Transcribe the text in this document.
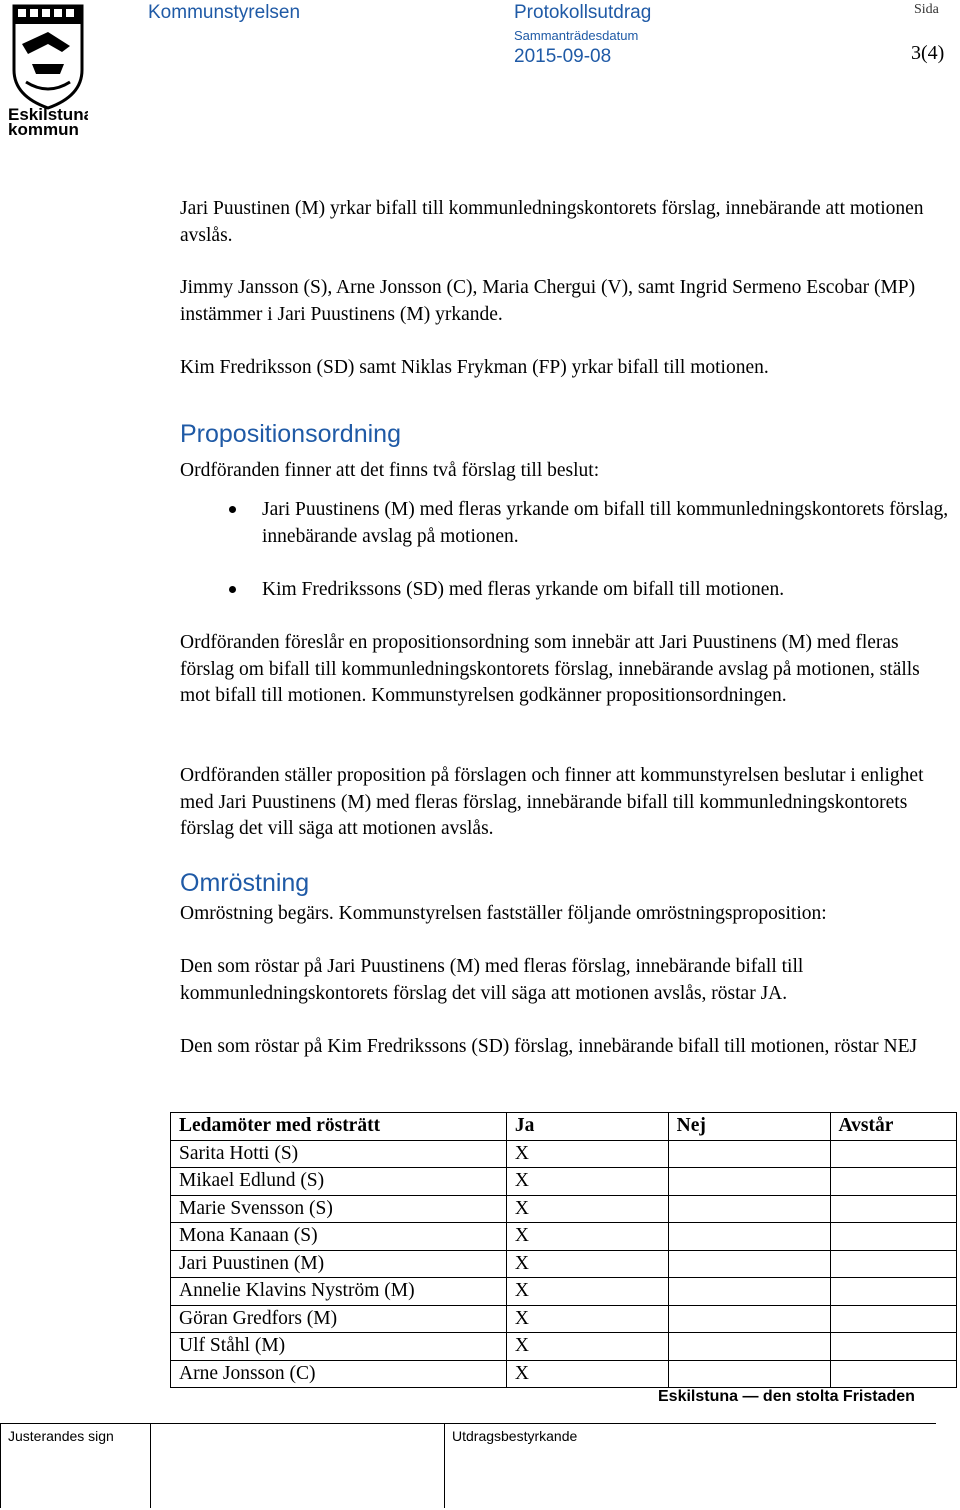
Eskilstuna
kommun
Kommunstyrelsen	Protokollsutdrag
Sammanträdesdatum
2015-09-08
Sida
3(4)
Jari Puustinen (M) yrkar bifall till kommunledningskontorets förslag, innebärande att motionen avslås.
Jimmy Jansson (S), Arne Jonsson (C), Maria Chergui (V), samt Ingrid Sermeno Escobar (MP) instämmer i Jari Puustinens (M) yrkande.
Kim Fredriksson (SD) samt Niklas Frykman (FP) yrkar bifall till motionen.
Propositionsordning
Ordföranden finner att det finns två förslag till beslut:
Jari Puustinens (M) med fleras yrkande om bifall till kommunledningskontorets förslag, innebärande avslag på motionen.
Kim Fredrikssons (SD) med fleras yrkande om bifall till motionen.
Ordföranden föreslår en propositionsordning som innebär att Jari Puustinens (M) med fleras förslag om bifall till kommunledningskontorets förslag, innebärande avslag på motionen, ställs mot bifall till motionen. Kommunstyrelsen godkänner propositionsordningen.
Ordföranden ställer proposition på förslagen och finner att kommunstyrelsen beslutar i enlighet med Jari Puustinens (M) med fleras förslag, innebärande bifall till kommunledningskontorets förslag det vill säga att motionen avslås.
Omröstning
Omröstning begärs. Kommunstyrelsen fastställer följande omröstningsproposition:
Den som röstar på Jari Puustinens (M) med fleras förslag, innebärande bifall till kommunledningskontorets förslag det vill säga att motionen avslås, röstar JA.
Den som röstar på Kim Fredrikssons (SD) förslag, innebärande bifall till motionen, röstar NEJ
Ledamöter med rösträtt	Ja	Nej	Avstår
Sarita Hotti (S)	X		
Mikael Edlund (S)	X		
Marie Svensson (S)	X		
Mona Kanaan (S)	X		
Jari Puustinen (M)	X		
Annelie Klavins Nyström (M)	X		
Göran Gredfors (M)	X		
Ulf Ståhl (M)	X		
Arne Jonsson (C)	X		
Eskilstuna — den stolta Fristaden
Justerandes sign	Utdragsbestyrkande
